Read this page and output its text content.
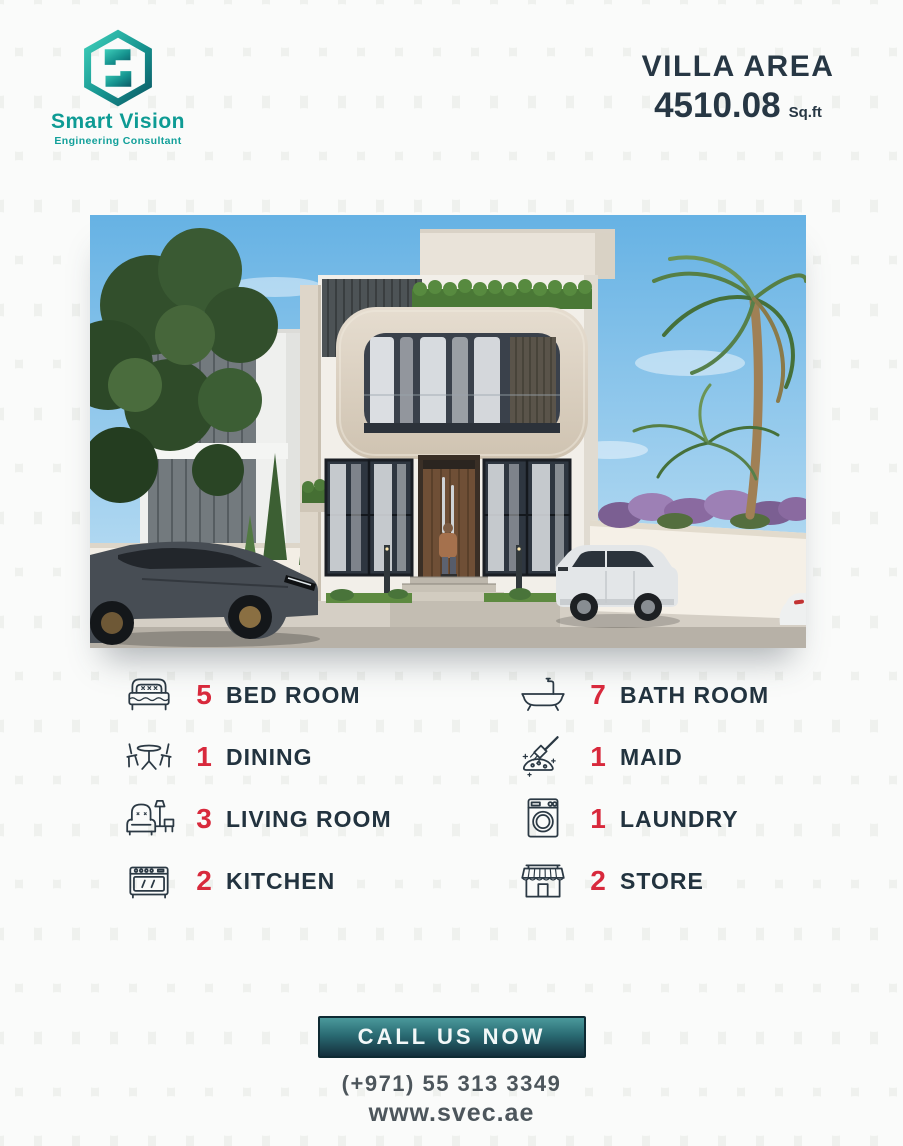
Smart Vision
Engineering Consultant
VILLA AREA
4510.08 Sq.ft
5 BED ROOM
1 DINING
3 LIVING ROOM
2 KITCHEN
7 BATH ROOM
1 MAID
1 LAUNDRY
2 STORE
CALL US NOW
(+971) 55 313 3349
www.svec.ae
